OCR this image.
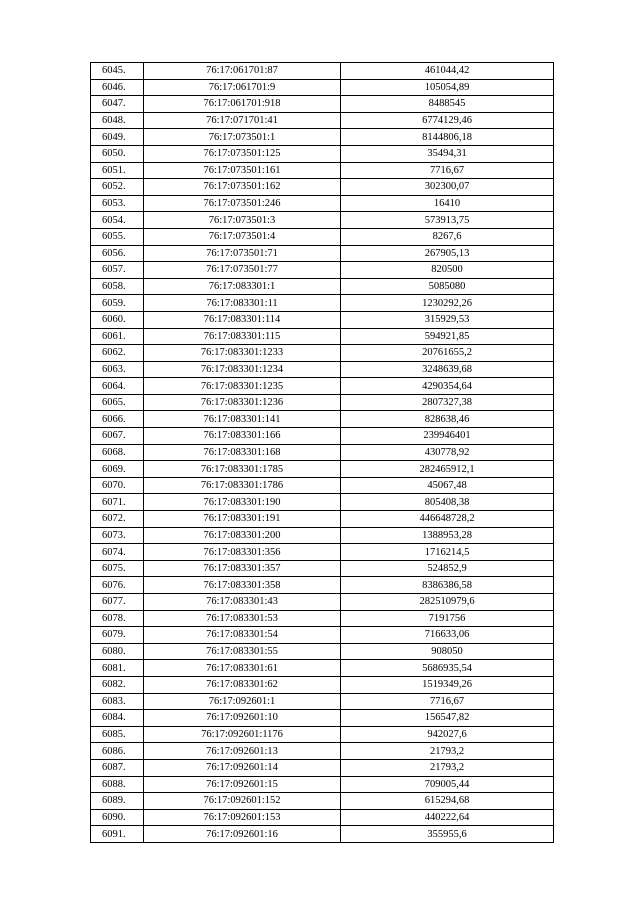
6045.	76:17:061701:87	461044,42
6046.	76:17:061701:9	105054,89
6047.	76:17:061701:918	8488545
6048.	76:17:071701:41	6774129,46
6049.	76:17:073501:1	8144806,18
6050.	76:17:073501:125	35494,31
6051.	76:17:073501:161	7716,67
6052.	76:17:073501:162	302300,07
6053.	76:17:073501:246	16410
6054.	76:17:073501:3	573913,75
6055.	76:17:073501:4	8267,6
6056.	76:17:073501:71	267905,13
6057.	76:17:073501:77	820500
6058.	76:17:083301:1	5085080
6059.	76:17:083301:11	1230292,26
6060.	76:17:083301:114	315929,53
6061.	76:17:083301:115	594921,85
6062.	76:17:083301:1233	20761655,2
6063.	76:17:083301:1234	3248639,68
6064.	76:17:083301:1235	4290354,64
6065.	76:17:083301:1236	2807327,38
6066.	76:17:083301:141	828638,46
6067.	76:17:083301:166	239946401
6068.	76:17:083301:168	430778,92
6069.	76:17:083301:1785	282465912,1
6070.	76:17:083301:1786	45067,48
6071.	76:17:083301:190	805408,38
6072.	76:17:083301:191	446648728,2
6073.	76:17:083301:200	1388953,28
6074.	76:17:083301:356	1716214,5
6075.	76:17:083301:357	524852,9
6076.	76:17:083301:358	8386386,58
6077.	76:17:083301:43	282510979,6
6078.	76:17:083301:53	7191756
6079.	76:17:083301:54	716633,06
6080.	76:17:083301:55	908050
6081.	76:17:083301:61	5686935,54
6082.	76:17:083301:62	1519349,26
6083.	76:17:092601:1	7716,67
6084.	76:17:092601:10	156547,82
6085.	76:17:092601:1176	942027,6
6086.	76:17:092601:13	21793,2
6087.	76:17:092601:14	21793,2
6088.	76:17:092601:15	709005,44
6089.	76:17:092601:152	615294,68
6090.	76:17:092601:153	440222,64
6091.	76:17:092601:16	355955,6
